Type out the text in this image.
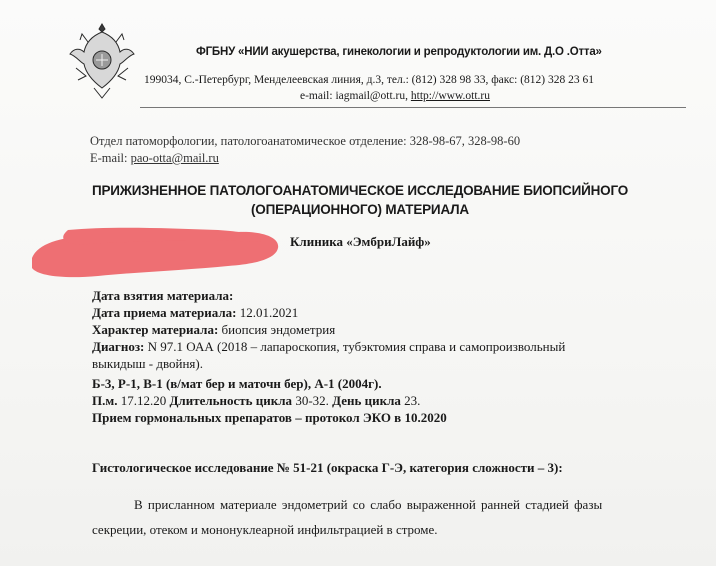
ФГБНУ «НИИ акушерства, гинекологии и репродуктологии им. Д.О .Отта»
199034, С.-Петербург, Менделеевская линия, д.3, тел.: (812) 328 98 33, факс: (812) 328 23 61
e-mail: iagmail@ott.ru, http://www.ott.ru
Отдел патоморфологии, патологоанатомическое отделение: 328-98-67, 328-98-60
E-mail: pao-otta@mail.ru
ПРИЖИЗНЕННОЕ ПАТОЛОГОАНАТОМИЧЕСКОЕ ИССЛЕДОВАНИЕ БИОПСИЙНОГО
(ОПЕРАЦИОННОГО) МАТЕРИАЛА
Клиника «ЭмбриЛайф»
Дата взятия материала:
Дата приема материала: 12.01.2021
Характер материала: биопсия эндометрия
Диагноз: N 97.1 ОАА (2018 – лапароскопия, тубэктомия справа и самопроизвольный
выкидыш - двойня).
Б-3, Р-1, В-1 (в/мат бер и маточн бер), А-1 (2004г).
П.м. 17.12.20 Длительность цикла 30-32. День цикла 23.
Прием гормональных препаратов – протокол ЭКО в 10.2020
Гистологическое исследование № 51-21 (окраска Г-Э, категория сложности – 3):
В присланном материале эндометрий со слабо выраженной ранней стадией фазы
секреции, отеком и мононуклеарной инфильтрацией в строме.
